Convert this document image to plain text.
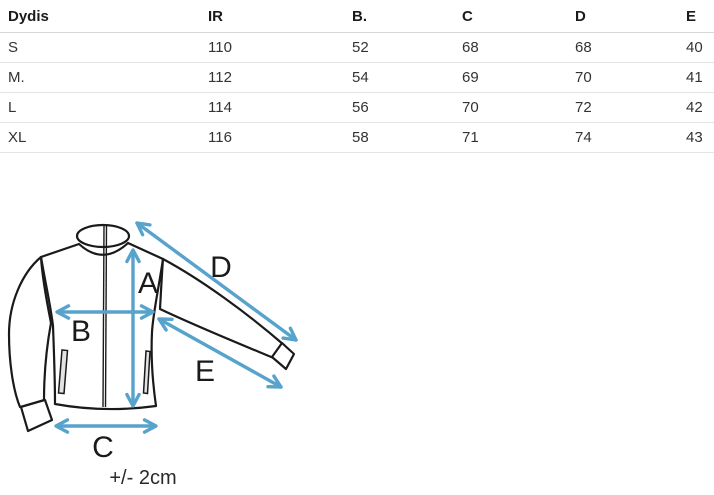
Dydis	IR	B.	C	D	E
S	110	52	68	68	40
M.	112	54	69	70	41
L	114	56	70	72	42
XL	116	58	71	74	43
A
B
C
D
E
+/- 2cm
